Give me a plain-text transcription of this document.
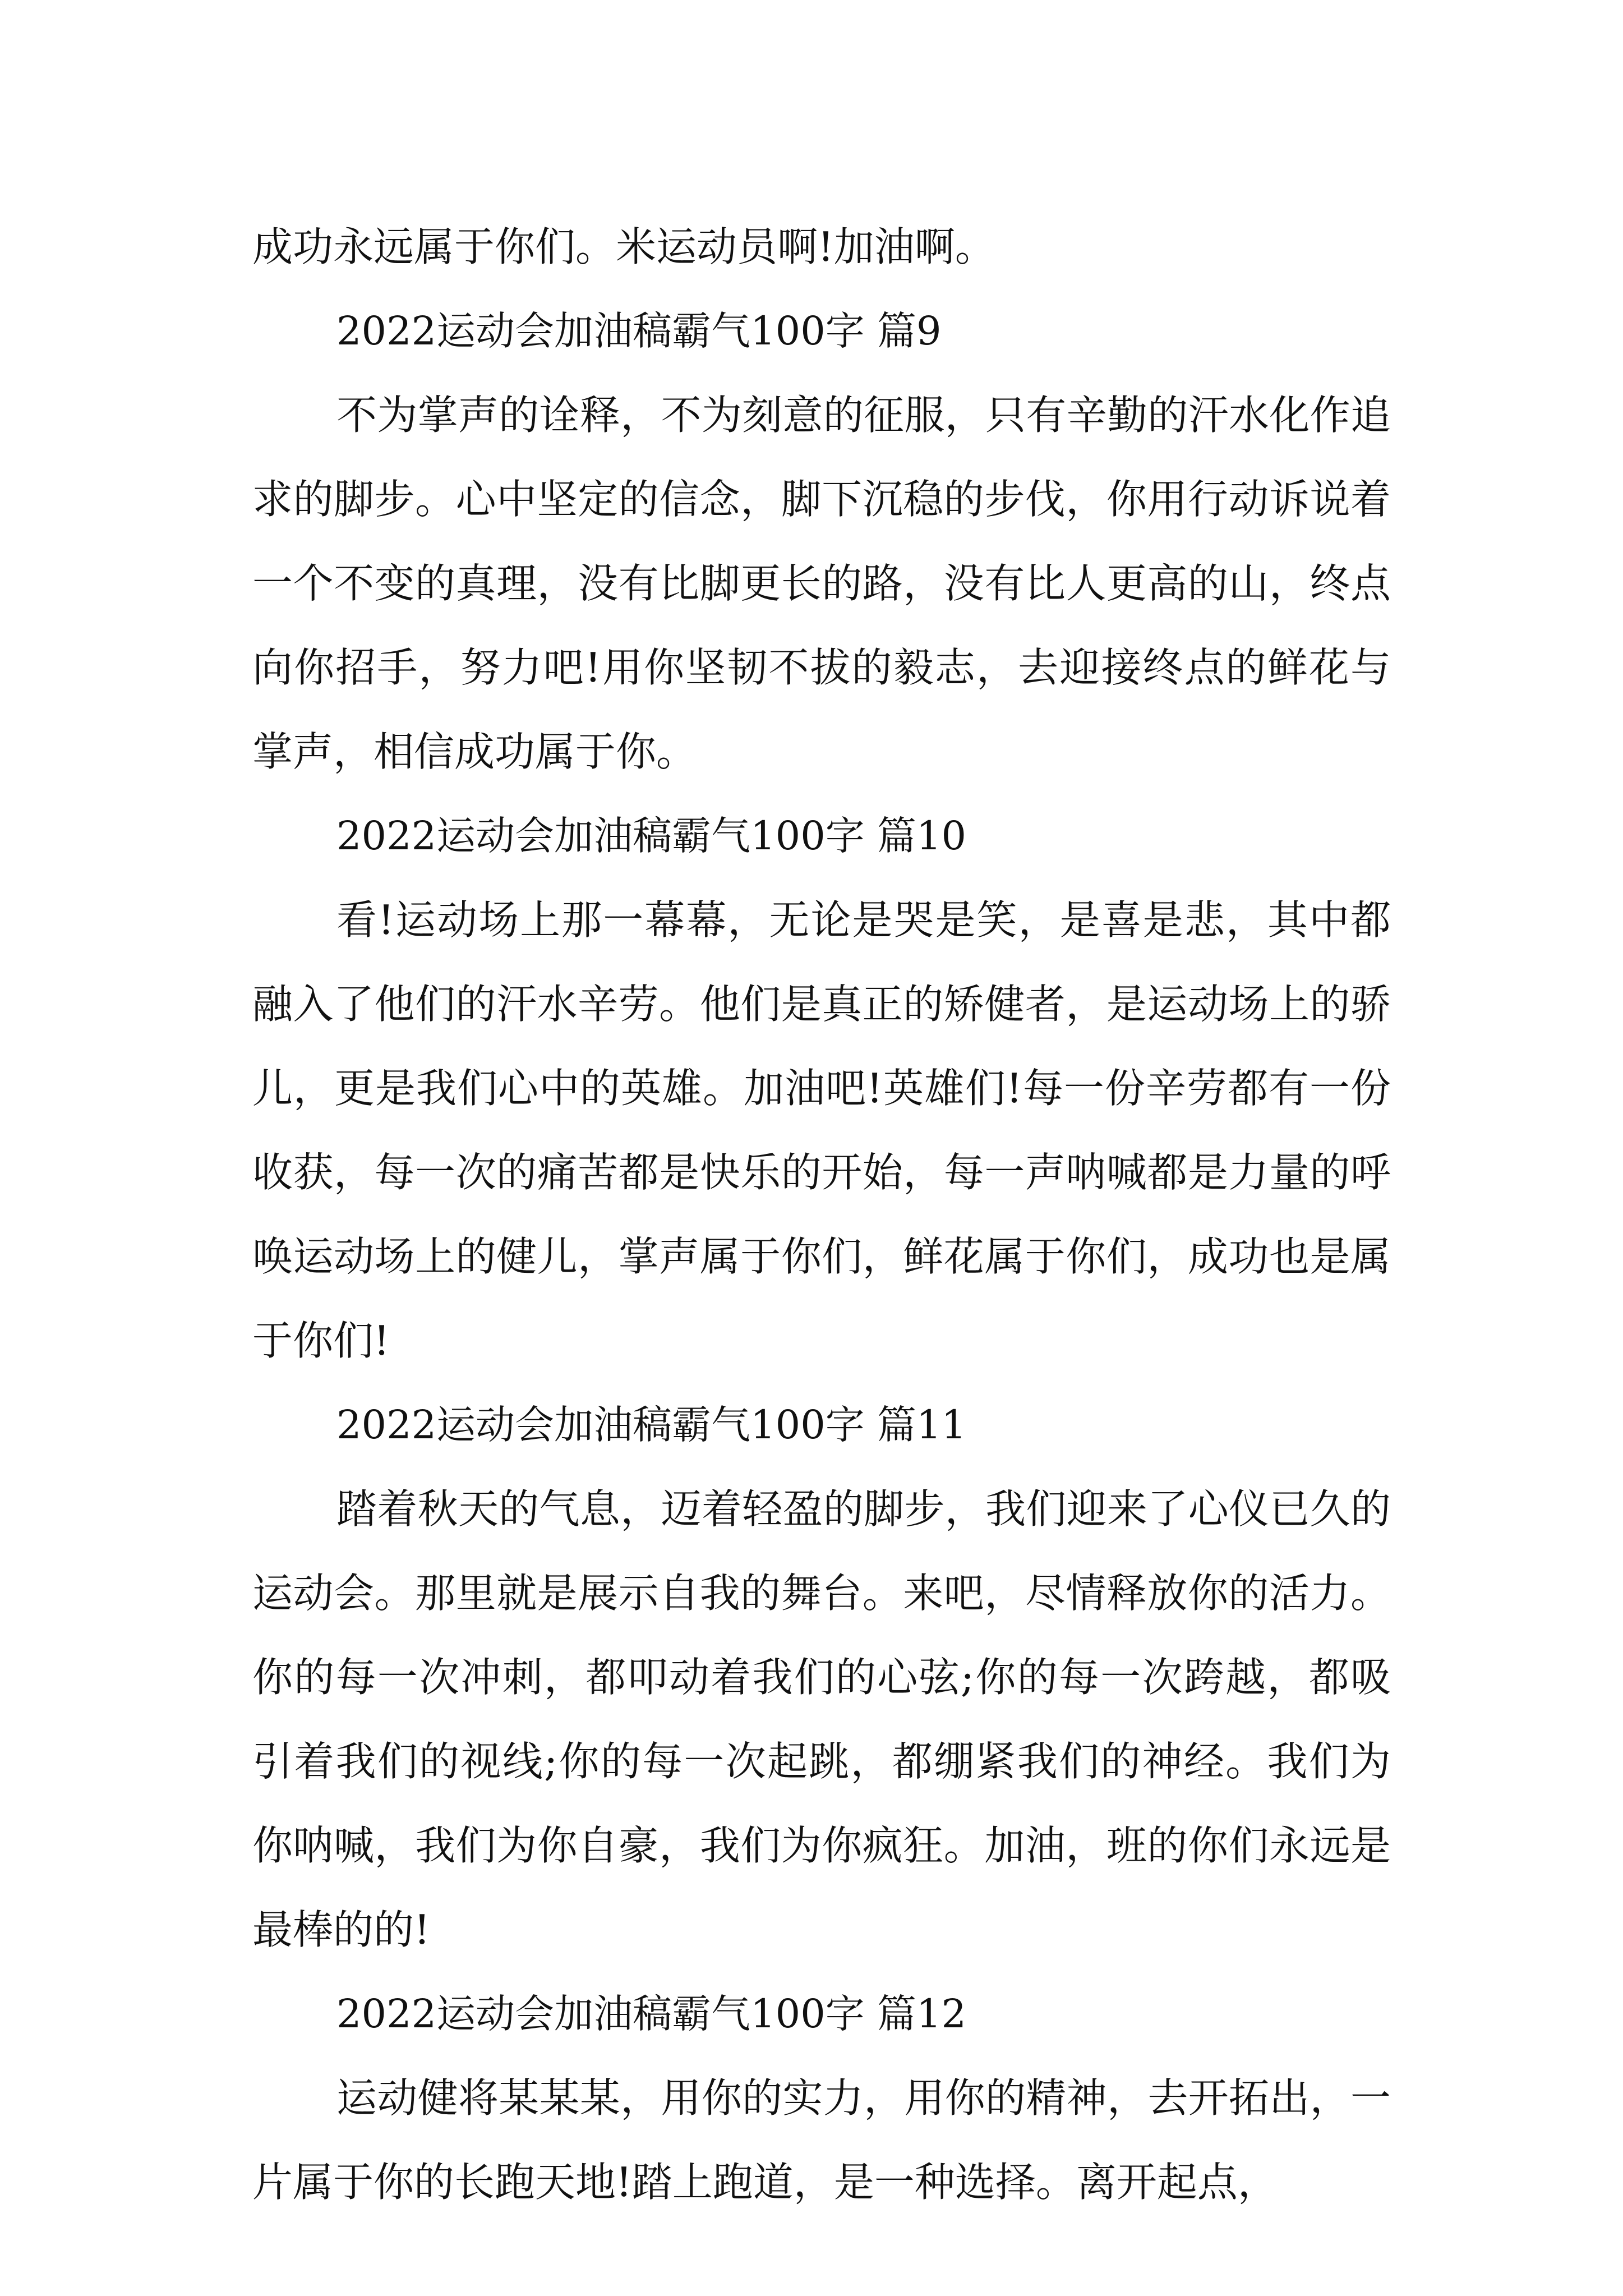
成功永远属于你们。米运动员啊!加油啊。

2022运动会加油稿霸气100字 篇9

不为掌声的诠释，不为刻意的征服，只有辛勤的汗水化作追求的脚步。心中坚定的信念，脚下沉稳的步伐，你用行动诉说着一个不变的真理，没有比脚更长的路，没有比人更高的山，终点向你招手，努力吧!用你坚韧不拔的毅志，去迎接终点的鲜花与掌声，相信成功属于你。

2022运动会加油稿霸气100字 篇10

看!运动场上那一幕幕，无论是哭是笑，是喜是悲，其中都融入了他们的汗水辛劳。他们是真正的矫健者，是运动场上的骄儿，更是我们心中的英雄。加油吧!英雄们!每一份辛劳都有一份收获，每一次的痛苦都是快乐的开始，每一声呐喊都是力量的呼唤运动场上的健儿，掌声属于你们，鲜花属于你们，成功也是属于你们!

2022运动会加油稿霸气100字 篇11

踏着秋天的气息，迈着轻盈的脚步，我们迎来了心仪已久的运动会。那里就是展示自我的舞台。来吧，尽情释放你的活力。你的每一次冲刺，都叩动着我们的心弦;你的每一次跨越，都吸引着我们的视线;你的每一次起跳，都绷紧我们的神经。我们为你呐喊，我们为你自豪，我们为你疯狂。加油，班的你们永远是最棒的的!

2022运动会加油稿霸气100字 篇12

运动健将某某某，用你的实力，用你的精神，去开拓出，一片属于你的长跑天地!踏上跑道，是一种选择。离开起点，
